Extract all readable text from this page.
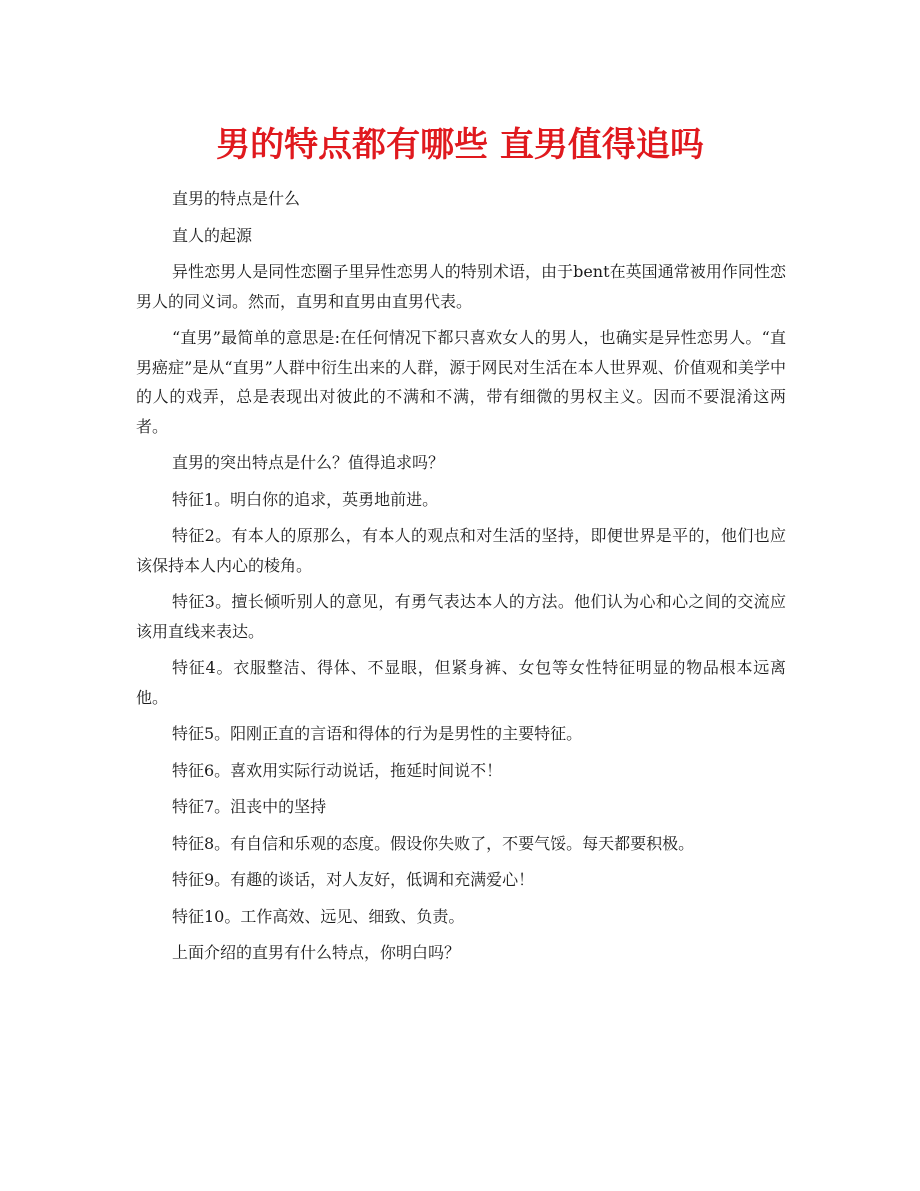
男的特点都有哪些 直男值得追吗

直男的特点是什么

直人的起源

异性恋男人是同性恋圈子里异性恋男人的特别术语，由于bent在英国通常被用作同性恋男人的同义词。然而，直男和直男由直男代表。

“直男”最简单的意思是:在任何情况下都只喜欢女人的男人，也确实是异性恋男人。“直男癌症”是从“直男”人群中衍生出来的人群，源于网民对生活在本人世界观、价值观和美学中的人的戏弄，总是表现出对彼此的不满和不满，带有细微的男权主义。因而不要混淆这两者。

直男的突出特点是什么？值得追求吗？

特征1。明白你的追求，英勇地前进。

特征2。有本人的原那么，有本人的观点和对生活的坚持，即便世界是平的，他们也应该保持本人内心的棱角。

特征3。擅长倾听别人的意见，有勇气表达本人的方法。他们认为心和心之间的交流应该用直线来表达。

特征4。衣服整洁、得体、不显眼，但紧身裤、女包等女性特征明显的物品根本远离他。

特征5。阳刚正直的言语和得体的行为是男性的主要特征。

特征6。喜欢用实际行动说话，拖延时间说不！

特征7。沮丧中的坚持

特征8。有自信和乐观的态度。假设你失败了，不要气馁。每天都要积极。

特征9。有趣的谈话，对人友好，低调和充满爱心！

特征10。工作高效、远见、细致、负责。

上面介绍的直男有什么特点，你明白吗？
